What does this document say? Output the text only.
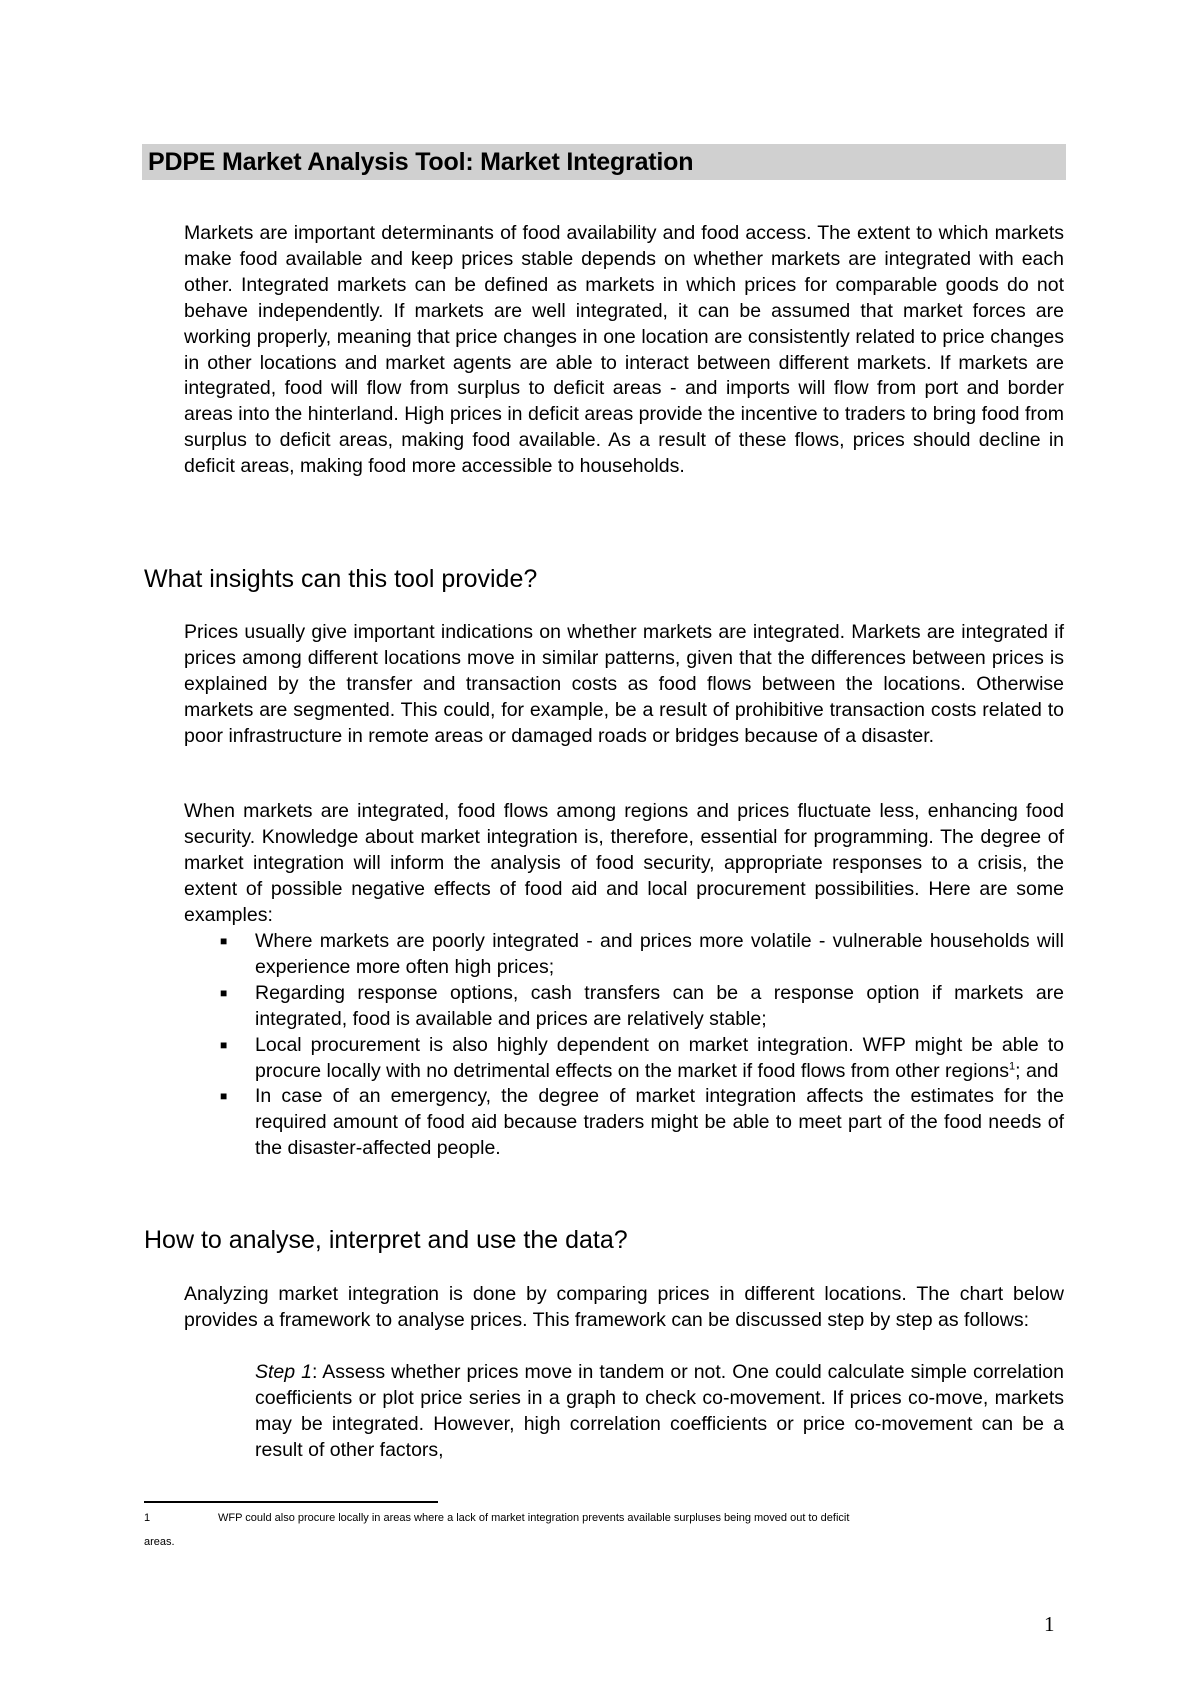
PDPE Market Analysis Tool: Market Integration

Markets are important determinants of food availability and food access. The extent to which markets make food available and keep prices stable depends on whether markets are integrated with each other. Integrated markets can be defined as markets in which prices for comparable goods do not behave independently. If markets are well integrated, it can be assumed that market forces are working properly, meaning that price changes in one location are consistently related to price changes in other locations and market agents are able to interact between different markets. If markets are integrated, food will flow from surplus to deficit areas - and imports will flow from port and border areas into the hinterland. High prices in deficit areas provide the incentive to traders to bring food from surplus to deficit areas, making food available. As a result of these flows, prices should decline in deficit areas, making food more accessible to households.

What insights can this tool provide?

Prices usually give important indications on whether markets are integrated. Markets are integrated if prices among different locations move in similar patterns, given that the differences between prices is explained by the transfer and transaction costs as food flows between the locations. Otherwise markets are segmented. This could, for example, be a result of prohibitive transaction costs related to poor infrastructure in remote areas or damaged roads or bridges because of a disaster.

When markets are integrated, food flows among regions and prices fluctuate less, enhancing food security. Knowledge about market integration is, therefore, essential for programming. The degree of market integration will inform the analysis of food security, appropriate responses to a crisis, the extent of possible negative effects of food aid and local procurement possibilities. Here are some examples:

■ Where markets are poorly integrated - and prices more volatile - vulnerable households will experience more often high prices;
■ Regarding response options, cash transfers can be a response option if markets are integrated, food is available and prices are relatively stable;
■ Local procurement is also highly dependent on market integration. WFP might be able to procure locally with no detrimental effects on the market if food flows from other regions$^1$; and
■ In case of an emergency, the degree of market integration affects the estimates for the required amount of food aid because traders might be able to meet part of the food needs of the disaster-affected people.
How to analyse, interpret and use the data?

Analyzing market integration is done by comparing prices in different locations. The chart below provides a framework to analyse prices. This framework can be discussed step by step as follows:

Step 1: Assess whether prices move in tandem or not. One could calculate simple correlation coefficients or plot price series in a graph to check co-movement. If prices co-move, markets may be integrated. However, high correlation coefficients or price co-movement can be a result of other factors,

1	WFP could also procure locally in areas where a lack of market integration prevents available surpluses being moved out to deficit
areas.
1
